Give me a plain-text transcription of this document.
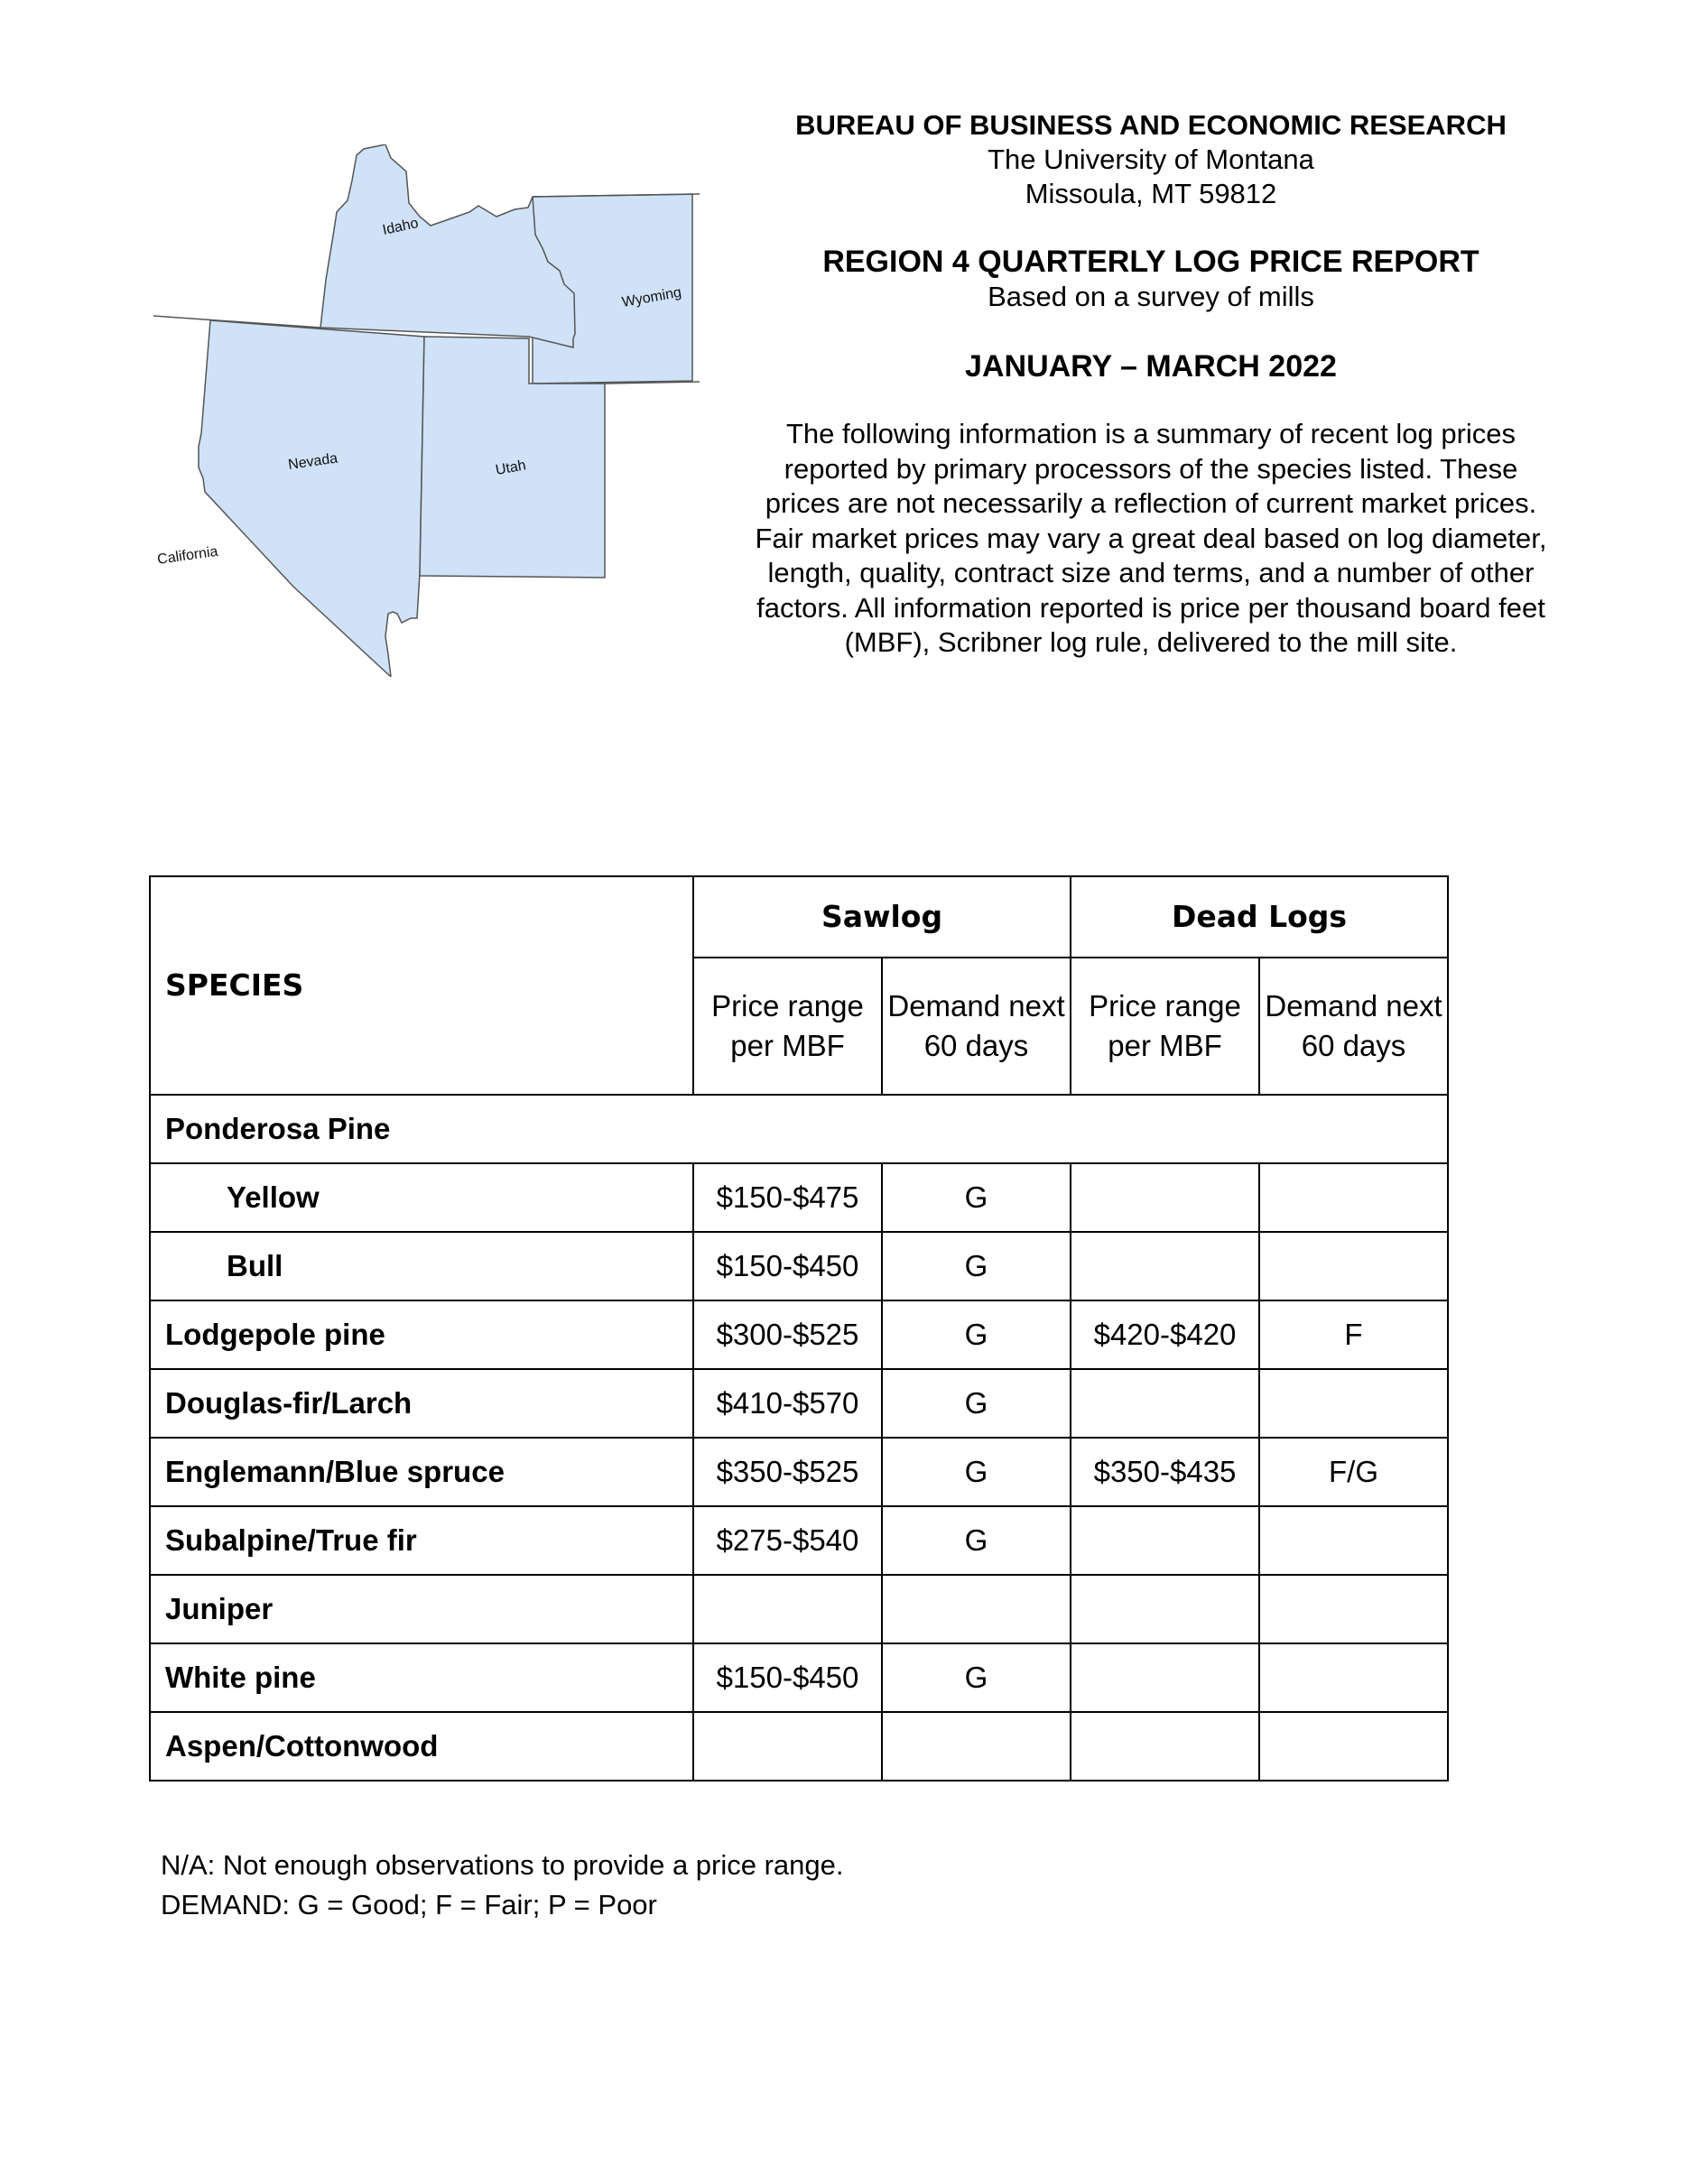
Idaho
Wyoming
Nevada	Utah
California

BUREAU OF BUSINESS AND ECONOMIC RESEARCH

The University of Montana

Missoula, MT 59812

REGION 4 QUARTERLY LOG PRICE REPORT

Based on a survey of mills

JANUARY – MARCH 2022

The following information is a summary of recent log prices reported by primary processors of the species listed. These prices are not necessarily a reflection of current market prices. Fair market prices may vary a great deal based on log diameter, length, quality, contract size and terms, and a number of other factors. All information reported is price per thousand board feet (MBF), Scribner log rule, delivered to the mill site.

SPECIES	Sawlog		Dead Logs	
	Price range per MBF	Demand next 60 days	Price range per MBF	Demand next 60 days
Ponderosa Pine				
Yellow	$150-$475	G		
Bull	$150-$450	G		
Lodgepole pine	$300-$525	G	$420-$420	F
Douglas-fir/Larch	$410-$570	G		
Englemann/Blue spruce	$350-$525	G	$350-$435	F/G
Subalpine/True fir	$275-$540	G		
Juniper				
White pine	$150-$450	G		
Aspen/Cottonwood				

N/A: Not enough observations to provide a price range.

DEMAND: G = Good; F = Fair; P = Poor
